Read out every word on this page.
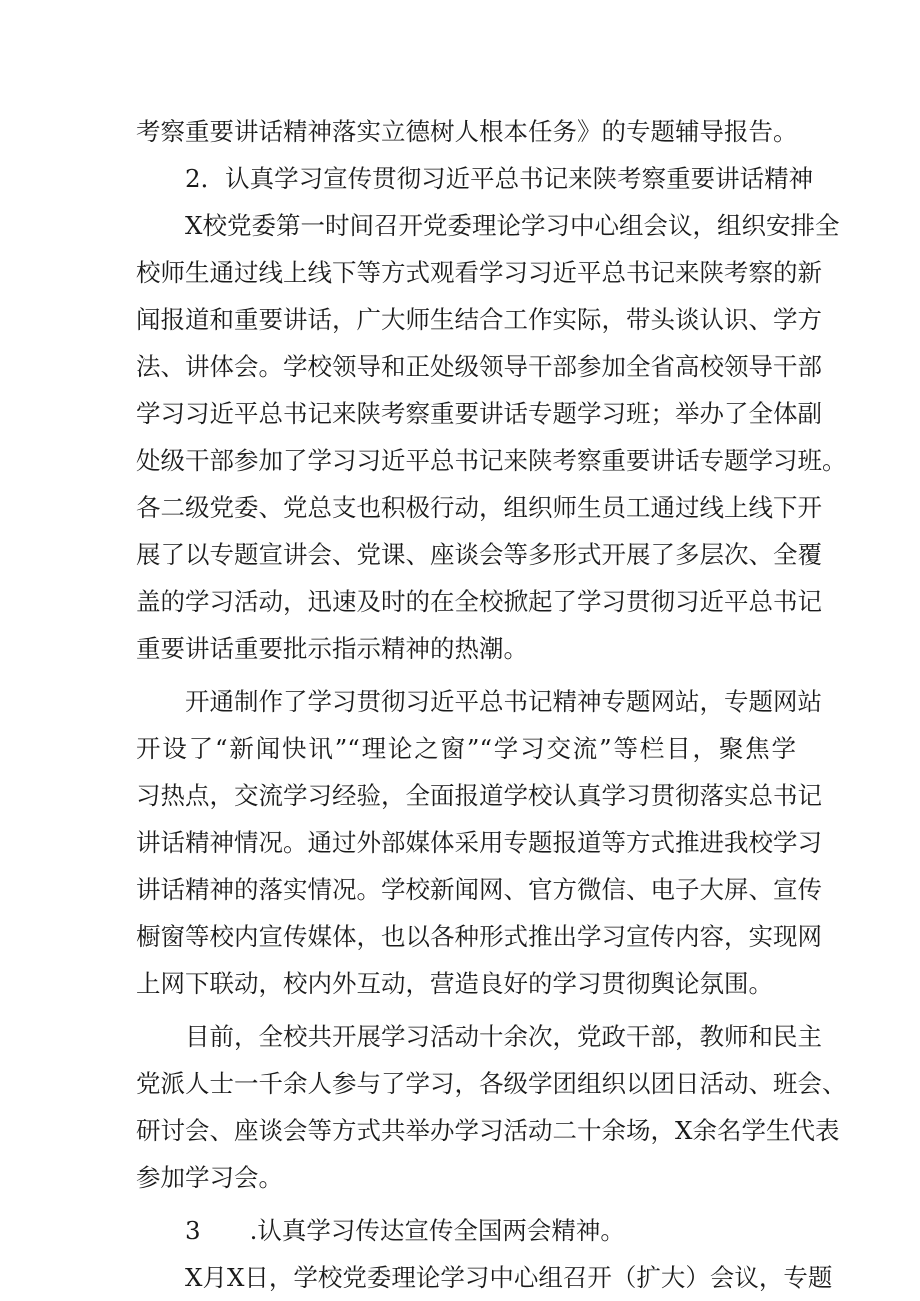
考察重要讲话精神落实立德树人根本任务》的专题辅导报告。
2．认真学习宣传贯彻习近平总书记来陕考察重要讲话精神
X校党委第一时间召开党委理论学习中心组会议，组织安排全
校师生通过线上线下等方式观看学习习近平总书记来陕考察的新
闻报道和重要讲话，广大师生结合工作实际，带头谈认识、学方
法、讲体会。学校领导和正处级领导干部参加全省高校领导干部
学习习近平总书记来陕考察重要讲话专题学习班；举办了全体副
处级干部参加了学习习近平总书记来陕考察重要讲话专题学习班。
各二级党委、党总支也积极行动，组织师生员工通过线上线下开
展了以专题宣讲会、党课、座谈会等多形式开展了多层次、全覆
盖的学习活动，迅速及时的在全校掀起了学习贯彻习近平总书记
重要讲话重要批示指示精神的热潮。
开通制作了学习贯彻习近平总书记精神专题网站，专题网站
开设了“新闻快讯”“理论之窗”“学习交流”等栏目，聚焦学
习热点，交流学习经验，全面报道学校认真学习贯彻落实总书记
讲话精神情况。通过外部媒体采用专题报道等方式推进我校学习
讲话精神的落实情况。学校新闻网、官方微信、电子大屏、宣传
橱窗等校内宣传媒体，也以各种形式推出学习宣传内容，实现网
上网下联动，校内外互动，营造良好的学习贯彻舆论氛围。
目前，全校共开展学习活动十余次，党政干部，教师和民主
党派人士一千余人参与了学习，各级学团组织以团日活动、班会、
研讨会、座谈会等方式共举办学习活动二十余场，X余名学生代表
参加学习会。
3　　.认真学习传达宣传全国两会精神。
X月X日，学校党委理论学习中心组召开（扩大）会议，专题
